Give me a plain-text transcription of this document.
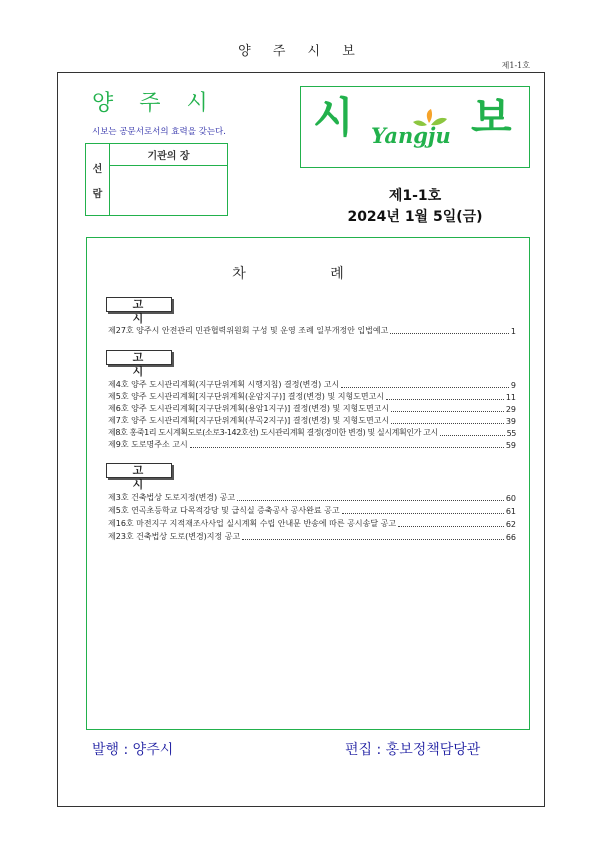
양 주 시 보
제1-1호
양주시
시보는 공문서로서의 효력을 갖는다. 시 Yangju 보
선
람
기관의 장
제1-1호
2024년 1월 5일(금)
차 례
고 시
제27호 양주시 안전관리 민관협력위원회 구성 및 운영 조례 일부개정안 입법예고	1
고 시
제4호 양주 도시관리계획(지구단위계획 시행지침) 결정(변경) 고시	9
제5호 양주 도시관리계획[지구단위계획(운암지구)] 결정(변경) 및 지형도면고시	11
제6호 양주 도시관리계획[지구단위계획(용암1지구)] 결정(변경) 및 지형도면고시	29
제7호 양주 도시관리계획[지구단위계획(부곡2지구)] 결정(변경) 및 지형도면고시	39
제8호 홍죽1리 도시계획도로(소로3-142호선) 도시관리계획 결정(경미한 변경) 및 실시계획인가 고시	55
제9호 도로명주소 고시	59
고 시
제3호 건축법상 도로지정(변경) 공고	60
제5호 연곡초등학교 다목적강당 및 급식실 증축공사 공사완료 공고	61
제16호 마전지구 지적재조사사업 실시계획 수립 안내문 반송에 따른 공시송달 공고	62
제23호 건축법상 도로(변경)지정 공고	66
발행 : 양주시	편집 : 홍보정책담당관
